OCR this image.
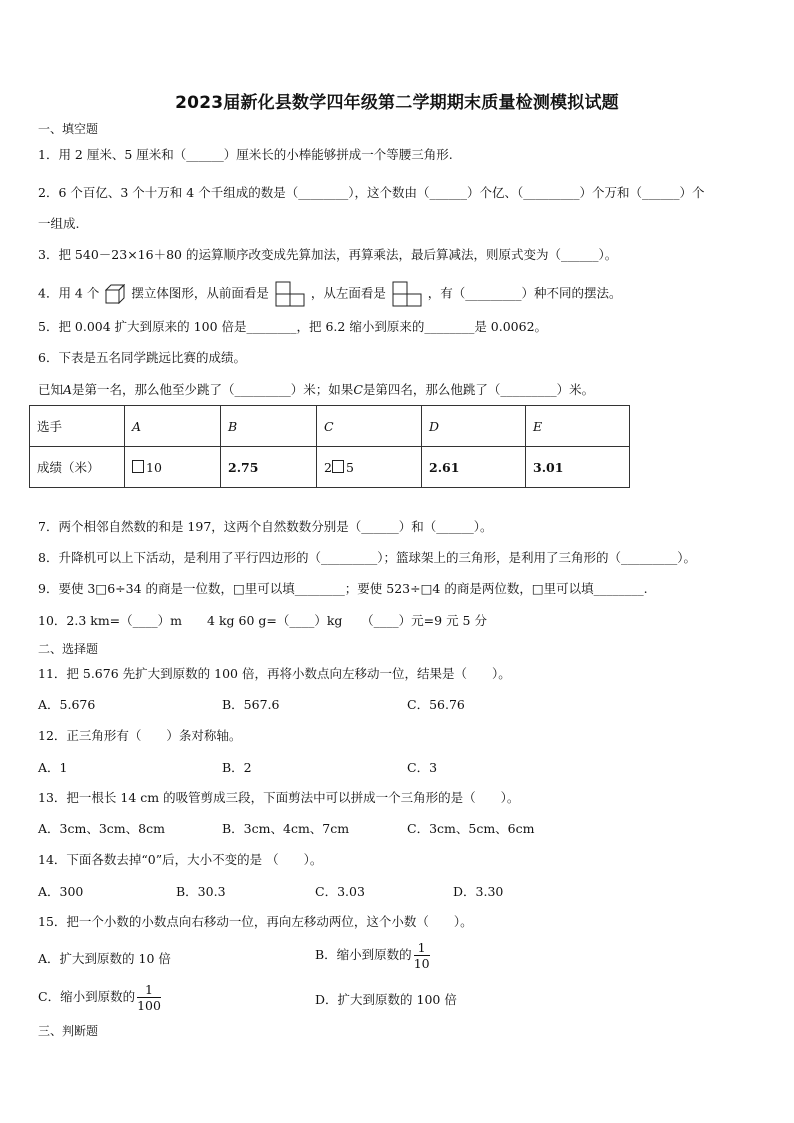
2023届新化县数学四年级第二学期期末质量检测模拟试题
一、填空题
1．用 2 厘米、5 厘米和（______）厘米长的小棒能够拼成一个等腰三角形.
2．6 个百亿、3 个十万和 4 个千组成的数是（________），这个数由（______）个亿、（_________）个万和（______）个
一组成.
3．把 540－23×16＋80 的运算顺序改变成先算加法，再算乘法，最后算减法，则原式变为（______）。
4．用 4 个	摆立体图形，从前面看是	，从左面看是	，有（_________）种不同的摆法。
5．把 0.004 扩大到原来的 100 倍是________，把 6.2 缩小到原来的________是 0.0062。
6．下表是五名同学跳远比赛的成绩。
已知A是第一名，那么他至少跳了（_________）米；如果C是第四名，那么他跳了（_________）米。
选手	A	B	C	D	E
成绩（米）	10	2.75	2 5	2.61	3.01
7．两个相邻自然数的和是 197，这两个自然数数分别是（______）和（______）。
8．升降机可以上下活动，是利用了平行四边形的（_________）；篮球架上的三角形，是利用了三角形的（_________）。
9．要使 3□6÷34 的商是一位数，□里可以填________；要使 523÷□4 的商是两位数，□里可以填________.
10．2.3 km=（____）m　　4 kg 60 g=（____）kg　　（____）元=9 元 5 分
二、选择题
11．把 5.676 先扩大到原数的 100 倍，再将小数点向左移动一位，结果是（　　）。
A．5.676	B．567.6	C．56.76
12．正三角形有（　　）条对称轴。
A．1	B．2	C．3
13．把一根长 14 cm 的吸管剪成三段，下面剪法中可以拼成一个三角形的是（　　）。
A．3cm、3cm、8cm	B．3cm、4cm、7cm	C．3cm、5cm、6cm
14．下面各数去掉“0”后，大小不变的是 （　　）。
A．300	B．30.3	C．3.03	D．3.30
15．把一个小数的小数点向右移动一位，再向左移动两位，这个小数（　　）。
A．扩大到原数的 10 倍	B．缩小到原数的 $\frac{1}{10}$
C．缩小到原数的 $\frac{1}{100}$	D．扩大到原数的 100 倍
三、判断题
